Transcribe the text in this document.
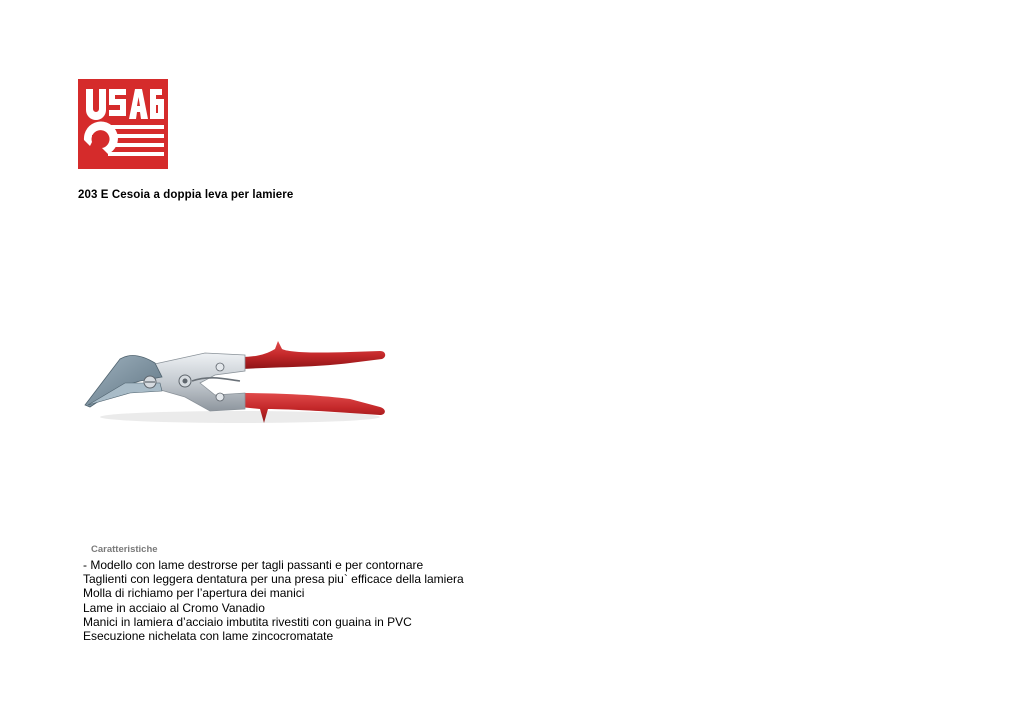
203 E Cesoia a doppia leva per lamiere
Caratteristiche
- Modello con lame destrorse per tagli passanti e per contornare
Taglienti con leggera dentatura per una presa piu` efficace della lamiera
Molla di richiamo per l’apertura dei manici
Lame in acciaio al Cromo Vanadio
Manici in lamiera d’acciaio imbutita rivestiti con guaina in PVC
Esecuzione nichelata con lame zincocromatate
